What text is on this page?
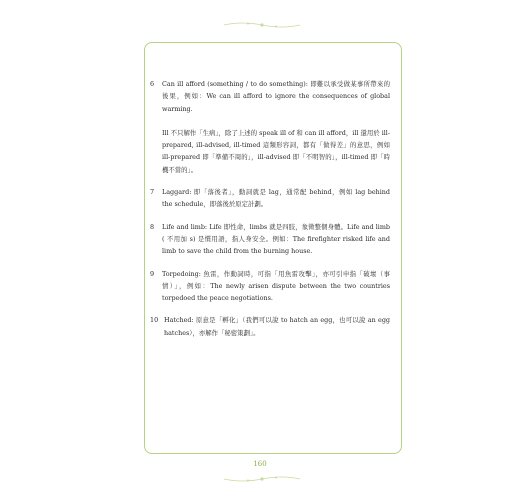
6 Can ill afford (something / to do something): 即難以承受做某事所帶來的後果，例如：We can ill afford to ignore the consequences of global warming.
Ill 不只解作「生病」，除了上述的 speak ill of 和 can ill afford，ill 還用於 ill-prepared, ill-advised, ill-timed 這類形容詞，都有「做得差」的意思，例如 ill-prepared 即「準備不周的」，ill-advised 即「不明智的」，ill-timed 即「時機不當的」。
7 Laggard: 即「落後者」，動詞就是 lag，通常配 behind，例如 lag behind the schedule，即落後於原定計劃。
8 Life and limb: Life 即性命，limbs 就是四肢，象徵整個身體。Life and limb ( 不用加 s) 是慣用語，指人身安全。例如：The firefighter risked life and limb to save the child from the burning house.
9 Torpedoing: 魚雷，作動詞時，可指「用魚雷攻擊」，亦可引申指「破壞（事情）」，例如：The newly arisen dispute between the two countries torpedoed the peace negotiations.
10 Hatched: 原意是「孵化」（我們可以說 to hatch an egg，也可以說 an egg hatches），亦解作「秘密策劃」。
160
